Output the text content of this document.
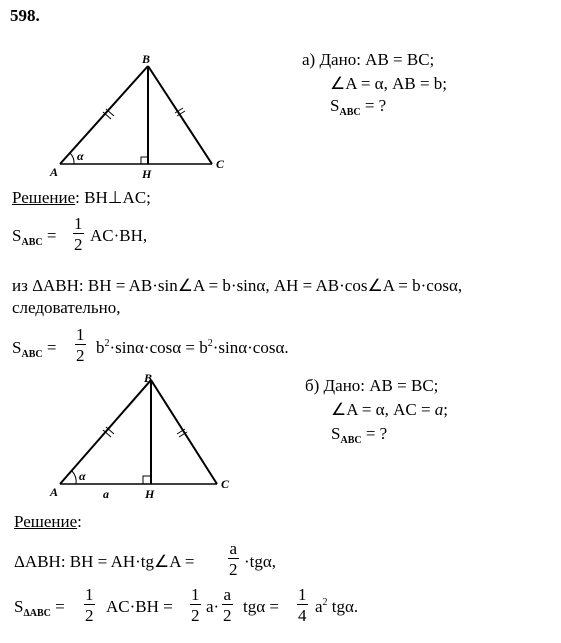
598.
B
A	H
C
α
а) Дано: AB = BC;
∠A = α, AB = b;
$S_{ABC}$ = ?
Решение: BH⊥AC;
$S_{ABC} = \frac{1}{2} AC\cdot BH$,
из ΔABH: BH = AB·sin∠A = b·sinα, AH = AB·cos∠A = b·cosα,
следовательно,
$S_{ABC} = \frac{1}{2} b^2\cdot\sin\alpha\cdot\cos\alpha = b^2\cdot\sin\alpha\cdot\cos\alpha$.
B
A	H
C
α
a
б) Дано: AB = BC;
∠A = α, AC = a;
$S_{ABC}$ = ?
Решение:
ΔABH: BH = AH·tg∠A = $\frac{a}{2} \cdot tg\alpha$,
$S_{\Delta ABC} = \frac{1}{2} AC\cdot BH = \frac{1}{2} a\cdot \frac{a}{2}$ $tg\alpha = \frac{1}{4} a^2$ tgα.
